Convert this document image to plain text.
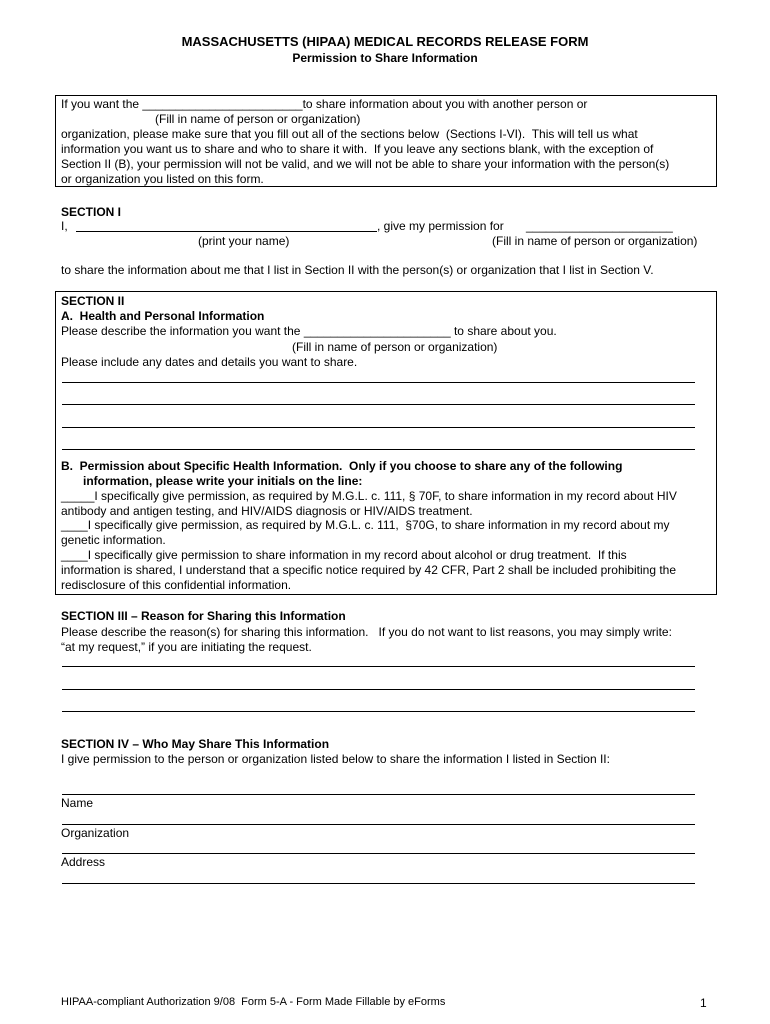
MASSACHUSETTS (HIPAA) MEDICAL RECORDS RELEASE FORM
Permission to Share Information
If you want the ________________________to share information about you with another person or
(Fill in name of person or organization)
organization, please make sure that you fill out all of the sections below  (Sections I-VI).  This will tell us what
information you want us to share and who to share it with.  If you leave any sections blank, with the exception of
Section II (B), your permission will not be valid, and we will not be able to share your information with the person(s)
or organization you listed on this form.
SECTION I
I,	, give my permission for ______________________
(print your name)	(Fill in name of person or organization)
to share the information about me that I list in Section II with the person(s) or organization that I list in Section V.
SECTION II
A.  Health and Personal Information
Please describe the information you want the ______________________ to share about you.
(Fill in name of person or organization)
Please include any dates and details you want to share.
B.  Permission about Specific Health Information.  Only if you choose to share any of the following
information, please write your initials on the line:
_____I specifically give permission, as required by M.G.L. c. 111, § 70F, to share information in my record about HIV
antibody and antigen testing, and HIV/AIDS diagnosis or HIV/AIDS treatment.
____I specifically give permission, as required by M.G.L. c. 111,  §70G, to share information in my record about my
genetic information.
____I specifically give permission to share information in my record about alcohol or drug treatment.  If this
information is shared, I understand that a specific notice required by 42 CFR, Part 2 shall be included prohibiting the
redisclosure of this confidential information.
SECTION III – Reason for Sharing this Information
Please describe the reason(s) for sharing this information.   If you do not want to list reasons, you may simply write:
“at my request,” if you are initiating the request.
SECTION IV – Who May Share This Information
I give permission to the person or organization listed below to share the information I listed in Section II:
Name
Organization
Address
HIPAA-compliant Authorization 9/08  Form 5-A - Form Made Fillable by eForms	1
